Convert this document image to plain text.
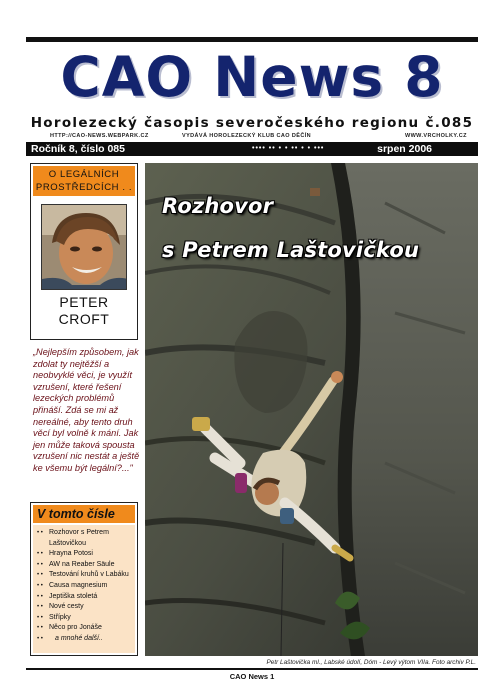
CAO News 8
Horolezecký časopis severočeského regionu č.085
HTTP://CAO-NEWS.WEBPARK.CZ	VYDÁVÁ HOROLEZECKÝ KLUB CAO DĚČÍN	WWW.VRCHOLKY.CZ
Ročník 8, číslo 085	•••• •• • • •• • • •••	srpen 2006
O LEGÁLNÍCH PROSTŘEDCÍCH . .
PETER
CROFT
„Nejlepším způsobem, jak zdolat ty nejtěžší a neobvyklé věci, je využít vzrušení, které řešení lezeckých problémů přináší. Zdá se mi až nereálné, aby tento druh věcí byl volně k mání. Jak jen může taková spousta vzrušení nic nestát a ještě ke všemu být legální?..."
V tomto čísle
• • Rozhovor s Petrem
Laštovičkou
• • Hrayna Potosi
• • AW na Reaber Säule
• • Testování kruhů v Labáku
• • Causa magnesium
• • Jeptiška stoletá
• • Nové cesty
• • Střípky
• • Něco pro Jonáše
• • a mnohé další..
Rozhovor
s Petrem Laštovičkou
Petr Laštovička ml., Labské údolí, Dóm - Levý výtom VIIa. Foto archiv P.L.
CAO News 1
